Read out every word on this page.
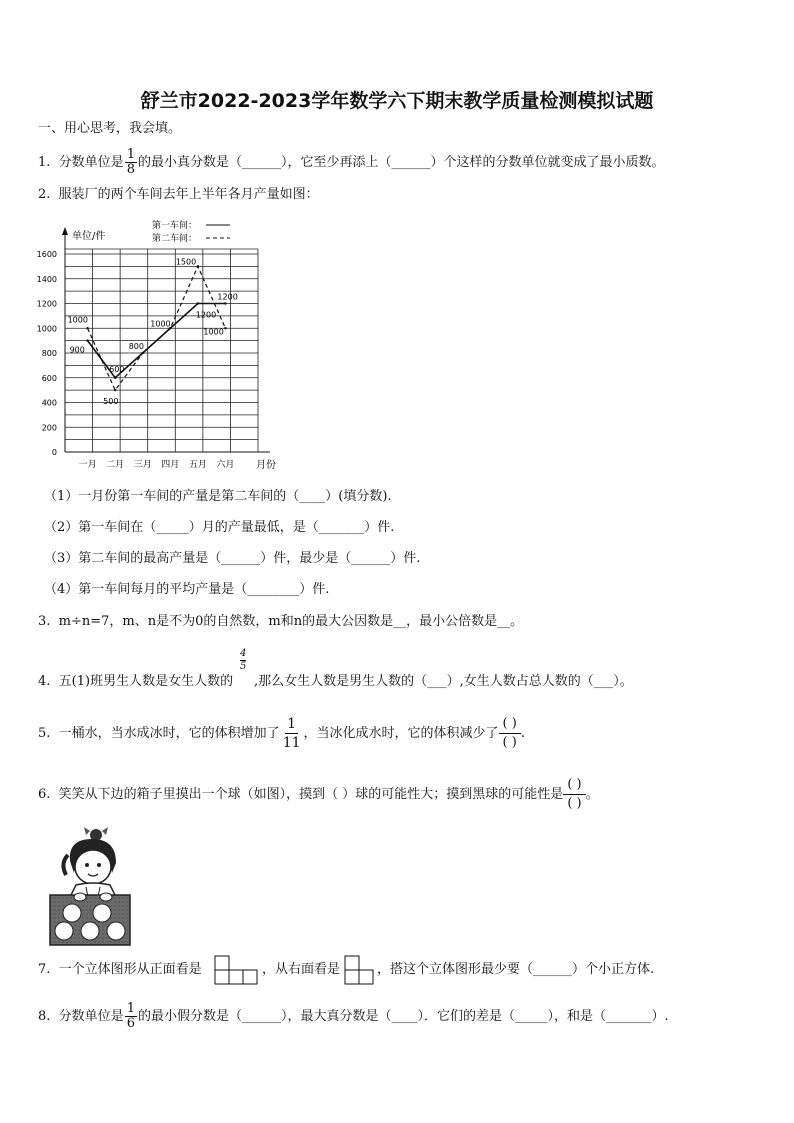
舒兰市2022-2023学年数学六下期末教学质量检测模拟试题
一、用心思考，我会填。
1. 分数单位是 $\frac{1}{8}$ 的最小真分数是（______），它至少再添上（______）个这样的分数单位就变成了最小质数。
2. 服装厂的两个车间去年上半年各月产量如图：
0
200
400
600
800
1000
1200
1400
1600
一月 二月 三月 四月 五月 六月
1000
900
600
500
800
1000
1500
1200
1200
1000
单位/件
月份
第一车间：
第二车间：
（1）一月份第一车间的产量是第二车间的（____）(填分数).
（2）第一车间在（_____）月的产量最低，是（_______）件.
（3）第二车间的最高产量是（______）件，最少是（______）件.
（4）第一车间每月的平均产量是（________）件.
3. m÷n=7，m、n是不为0的自然数，m和n的最大公因数是__，最小公倍数是__。
4. 五(1)班男生人数是女生人数的
4
5
,那么女生人数是男生人数的（___）,女生人数占总人数的（___）。
5. 一桶水，当水成冰时，它的体积增加了 $\frac{1}{11}$ ，当冰化成水时，它的体积减少了
( )
( )
.
6. 笑笑从下边的箱子里摸出一个球（如图），摸到（ ）球的可能性大；摸到黑球的可能性是
( )
( )
。
7. 一个立体图形从正面看是	，从右面看是	，搭这个立体图形最少要（______）个小正方体.
8. 分数单位是 $\frac{1}{6}$ 的最小假分数是（______），最大真分数是（____）．它们的差是（_____），和是（_______）.
